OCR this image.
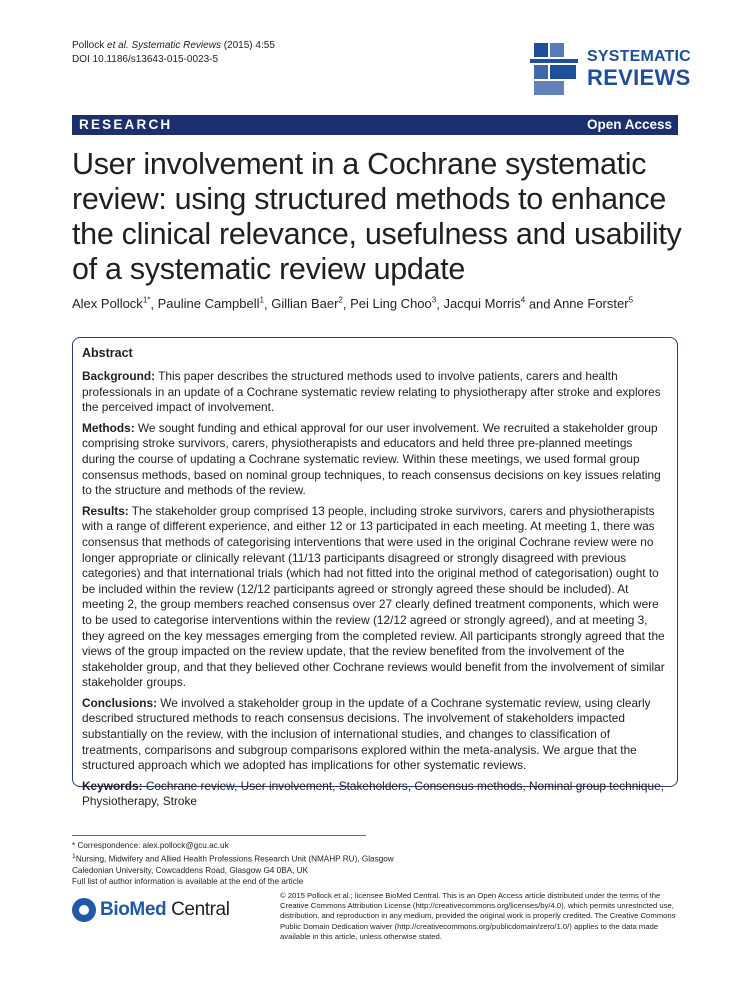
Pollock et al. Systematic Reviews (2015) 4:55
DOI 10.1186/s13643-015-0023-5	SYSTEMATIC
REVIEWS
RESEARCH	Open Access
User involvement in a Cochrane systematic review: using structured methods to enhance the clinical relevance, usefulness and usability of a systematic review update
Alex Pollock$^{1*}$, Pauline Campbell$^1$, Gillian Baer$^2$, Pei Ling Choo$^3$, Jacqui Morris$^4$ and Anne Forster$^5$
Abstract

Background: This paper describes the structured methods used to involve patients, carers and health professionals in an update of a Cochrane systematic review relating to physiotherapy after stroke and explores the perceived impact of involvement.

Methods: We sought funding and ethical approval for our user involvement. We recruited a stakeholder group comprising stroke survivors, carers, physiotherapists and educators and held three pre-planned meetings during the course of updating a Cochrane systematic review. Within these meetings, we used formal group consensus methods, based on nominal group techniques, to reach consensus decisions on key issues relating to the structure and methods of the review.

Results: The stakeholder group comprised 13 people, including stroke survivors, carers and physiotherapists with a range of different experience, and either 12 or 13 participated in each meeting. At meeting 1, there was consensus that methods of categorising interventions that were used in the original Cochrane review were no longer appropriate or clinically relevant (11/13 participants disagreed or strongly disagreed with previous categories) and that international trials (which had not fitted into the original method of categorisation) ought to be included within the review (12/12 participants agreed or strongly agreed these should be included). At meeting 2, the group members reached consensus over 27 clearly defined treatment components, which were to be used to categorise interventions within the review (12/12 agreed or strongly agreed), and at meeting 3, they agreed on the key messages emerging from the completed review. All participants strongly agreed that the views of the group impacted on the review update, that the review benefited from the involvement of the stakeholder group, and that they believed other Cochrane reviews would benefit from the involvement of similar stakeholder groups.

Conclusions: We involved a stakeholder group in the update of a Cochrane systematic review, using clearly described structured methods to reach consensus decisions. The involvement of stakeholders impacted substantially on the review, with the inclusion of international studies, and changes to classification of treatments, comparisons and subgroup comparisons explored within the meta-analysis. We argue that the structured approach which we adopted has implications for other systematic reviews.

Keywords: Cochrane review, User involvement, Stakeholders, Consensus methods, Nominal group technique, Physiotherapy, Stroke

* Correspondence: alex.pollock@gcu.ac.uk
$^1$Nursing, Midwifery and Allied Health Professions Research Unit (NMAHP RU), Glasgow Caledonian University, Cowcaddens Road, Glasgow G4 0BA, UK
Full list of author information is available at the end of the article
BioMed Central
© 2015 Pollock et al.; licensee BioMed Central. This is an Open Access article distributed under the terms of the Creative Commons Attribution License (http://creativecommons.org/licenses/by/4.0), which permits unrestricted use, distribution, and reproduction in any medium, provided the original work is properly credited. The Creative Commons Public Domain Dedication waiver (http://creativecommons.org/publicdomain/zero/1.0/) applies to the data made available in this article, unless otherwise stated.
